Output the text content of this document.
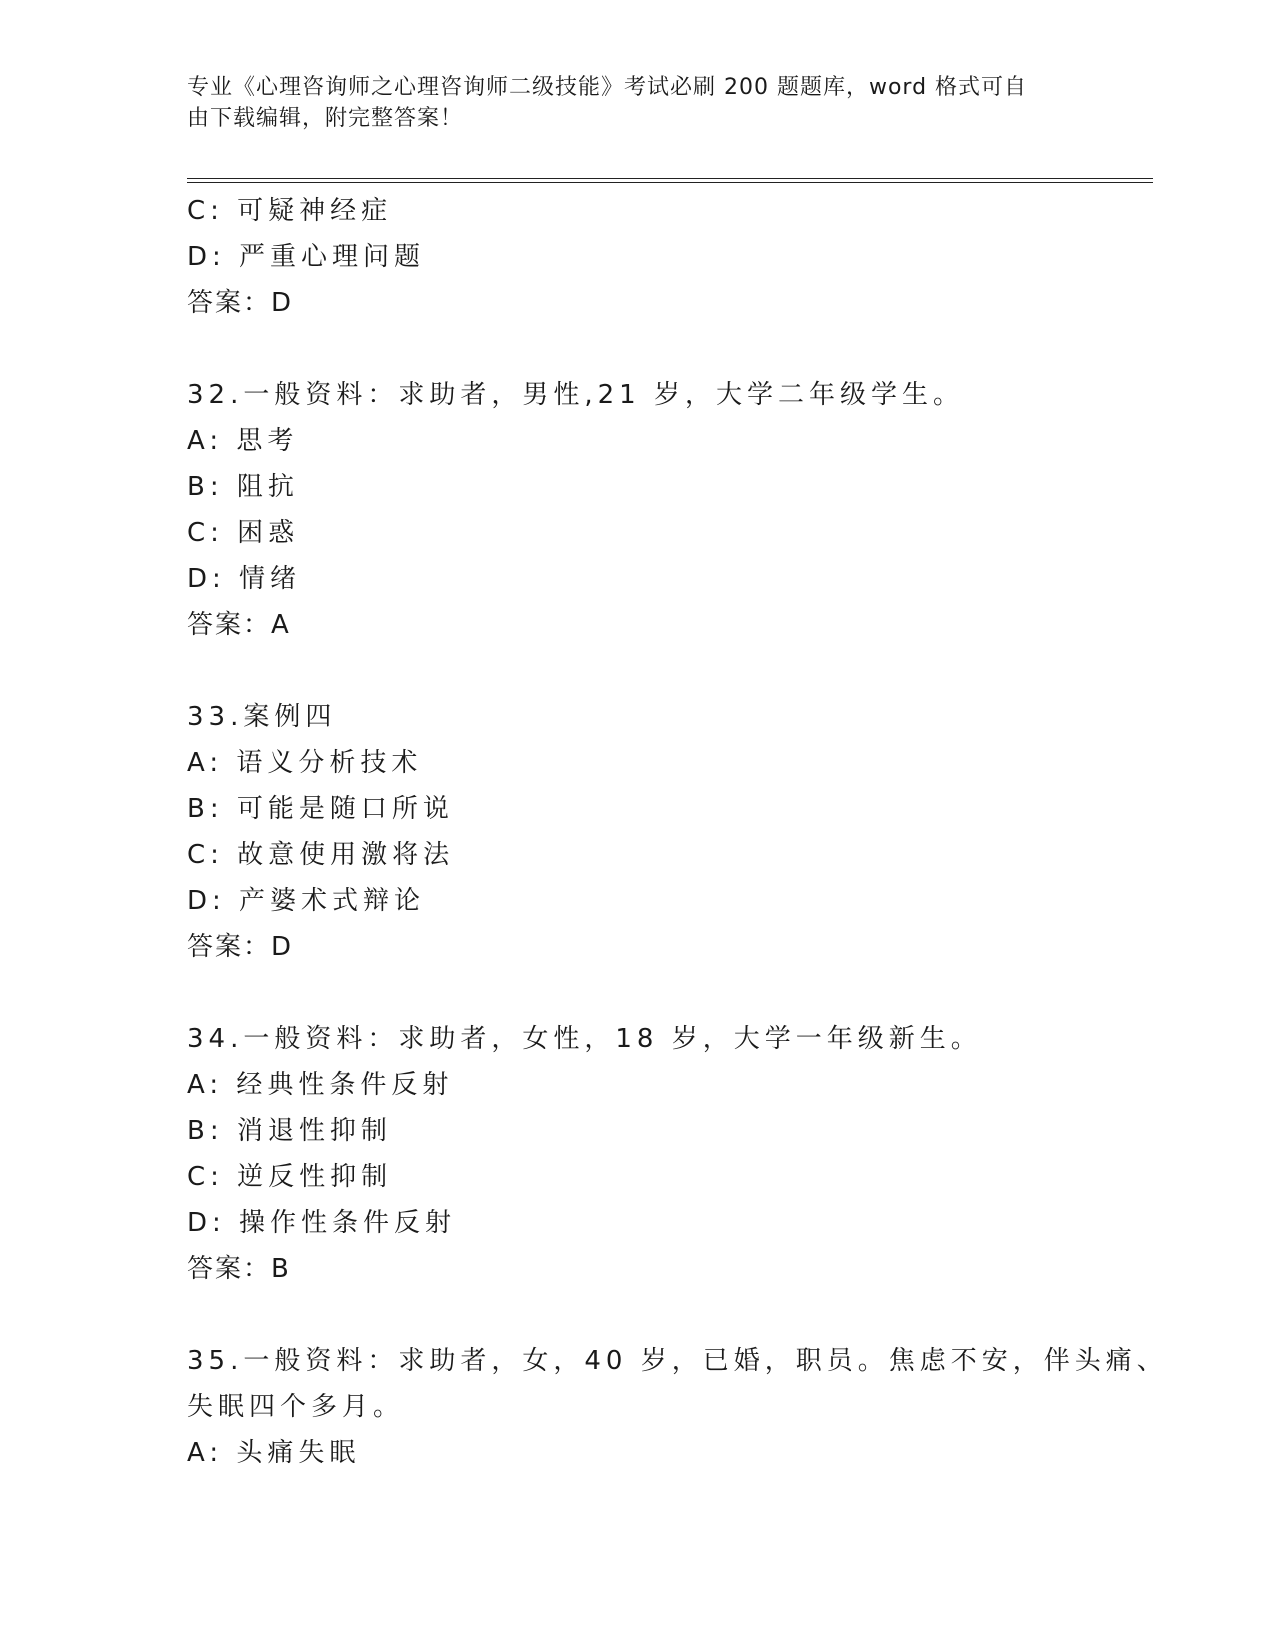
专业《心理咨询师之心理咨询师二级技能》考试必刷 200 题题库，word 格式可自
由下载编辑，附完整答案！
C: 可疑神经症
D: 严重心理问题
答案：D
32.一般资料：求助者，男性,21 岁，大学二年级学生。
A: 思考
B: 阻抗
C: 困惑
D: 情绪
答案：A
33.案例四
A: 语义分析技术
B: 可能是随口所说
C: 故意使用激将法
D: 产婆术式辩论
答案：D
34.一般资料：求助者，女性，18 岁，大学一年级新生。
A: 经典性条件反射
B: 消退性抑制
C: 逆反性抑制
D: 操作性条件反射
答案：B
35.一般资料：求助者，女，40 岁，已婚，职员。焦虑不安，伴头痛、
失眠四个多月。
A: 头痛失眠
